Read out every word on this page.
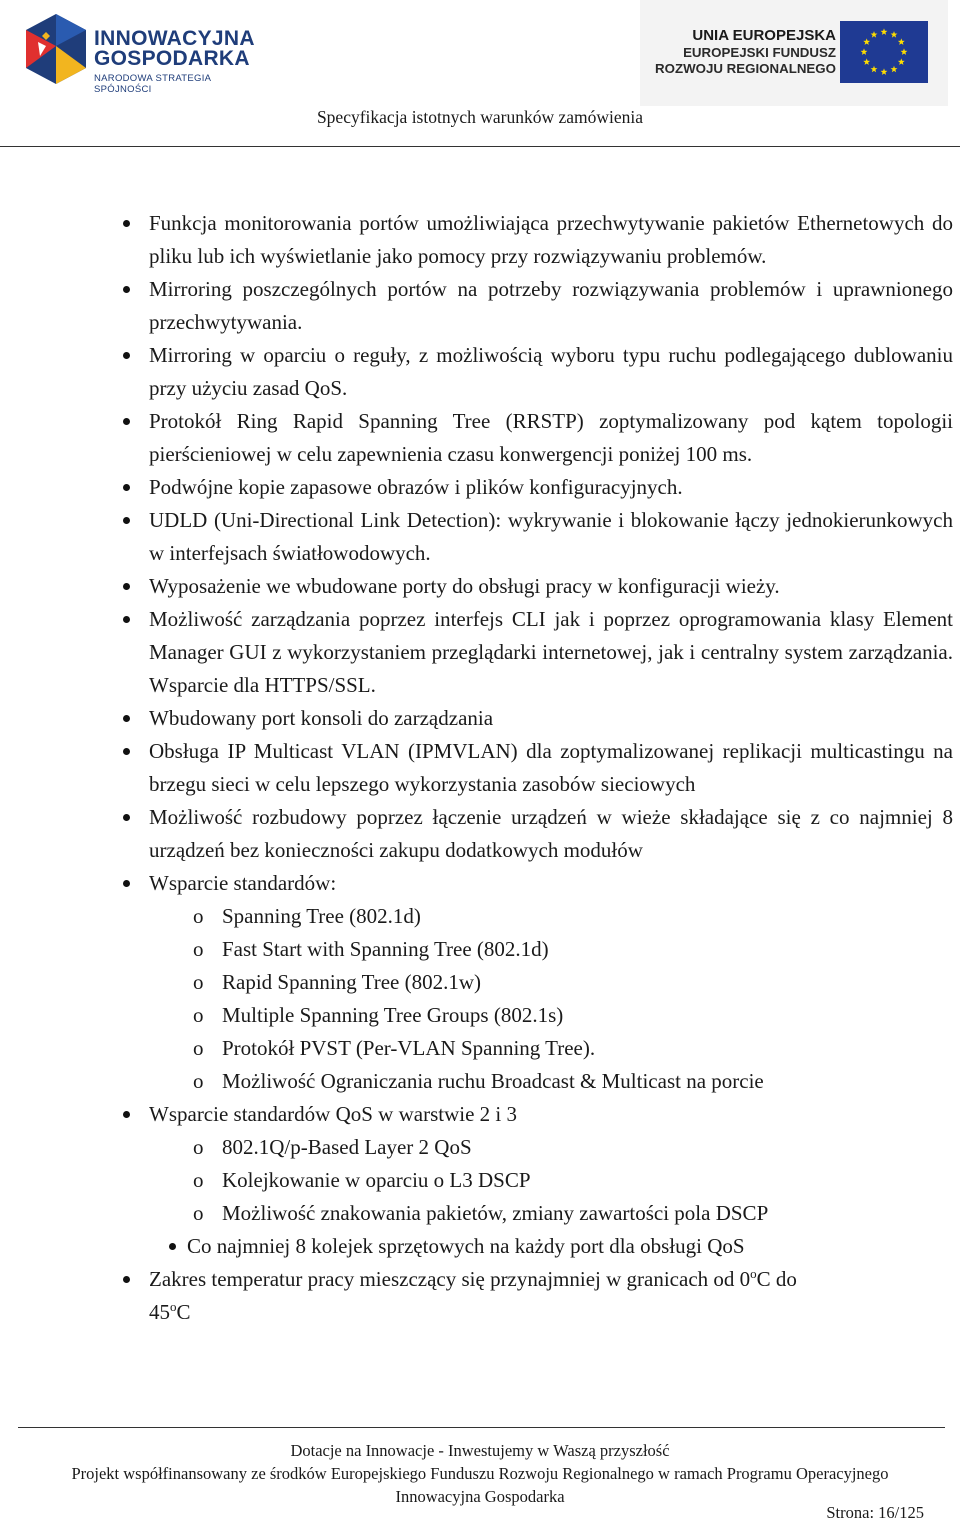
INNOWACYJNA
GOSPODARKA
NARODOWA STRATEGIA SPÓJNOŚCI
UNIA EUROPEJSKA
EUROPEJSKI FUNDUSZ
ROZWOJU REGIONALNEGO
Specyfikacja istotnych warunków zamówienia
Funkcja monitorowania portów umożliwiająca przechwytywanie pakietów Ethernetowych do pliku lub ich wyświetlanie jako pomocy przy rozwiązywaniu problemów.
Mirroring poszczególnych portów na potrzeby rozwiązywania problemów i uprawnionego przechwytywania.
Mirroring w oparciu o reguły, z możliwością wyboru typu ruchu podlegającego dublowaniu przy użyciu zasad QoS.
Protokół Ring Rapid Spanning Tree (RRSTP) zoptymalizowany pod kątem topologii pierścieniowej w celu zapewnienia czasu konwergencji poniżej 100 ms.
Podwójne kopie zapasowe obrazów i plików konfiguracyjnych.
UDLD (Uni-Directional Link Detection): wykrywanie i blokowanie łączy jednokierunkowych w interfejsach światłowodowych.
Wyposażenie we wbudowane porty do obsługi pracy w konfiguracji wieży.
Możliwość zarządzania poprzez interfejs CLI jak i poprzez oprogramowania klasy Element Manager GUI z wykorzystaniem przeglądarki internetowej, jak i centralny system zarządzania. Wsparcie dla HTTPS/SSL.
Wbudowany port konsoli do zarządzania
Obsługa IP Multicast VLAN (IPMVLAN) dla zoptymalizowanej replikacji multicastingu na brzegu sieci w celu lepszego wykorzystania zasobów sieciowych
Możliwość rozbudowy poprzez łączenie urządzeń w wieże składające się z co najmniej 8 urządzeń bez konieczności zakupu dodatkowych modułów
Wsparcie standardów:
o Spanning Tree (802.1d)
o Fast Start with Spanning Tree (802.1d)
o Rapid Spanning Tree (802.1w)
o Multiple Spanning Tree Groups (802.1s)
o Protokół PVST (Per-VLAN Spanning Tree).
o Możliwość Ograniczania ruchu Broadcast & Multicast na porcie
Wsparcie standardów QoS w warstwie 2 i 3
o 802.1Q/p-Based Layer 2 QoS
o Kolejkowanie w oparciu o L3 DSCP
o Możliwość znakowania pakietów, zmiany zawartości pola DSCP
Co najmniej 8 kolejek sprzętowych na każdy port dla obsługi QoS
Zakres temperatur pracy mieszczący się przynajmniej w granicach od 0$^o$C do
45$^o$C
Dotacje na Innowacje - Inwestujemy w Waszą przyszłość
Projekt współfinansowany ze środków Europejskiego Funduszu Rozwoju Regionalnego w ramach Programu Operacyjnego
Innowacyjna Gospodarka
Strona: 16/125
